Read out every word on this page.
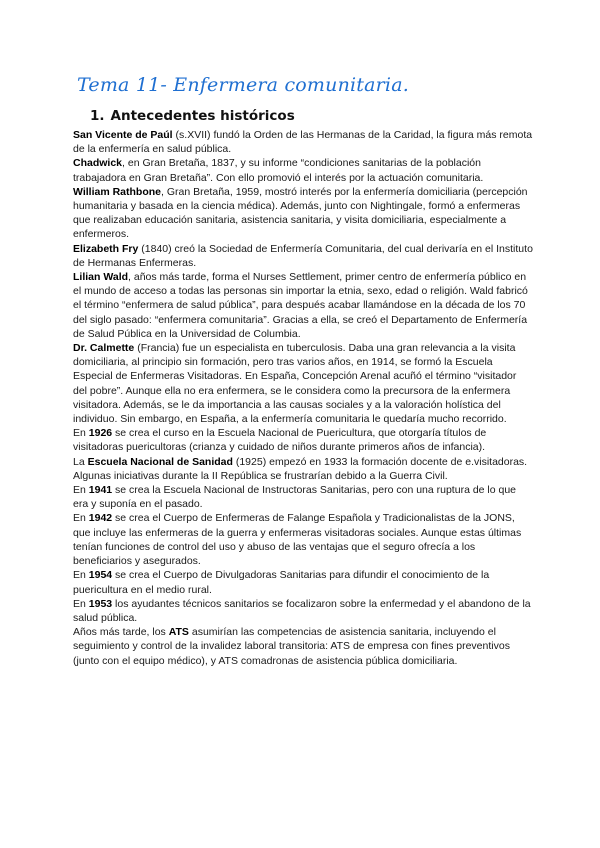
Tema 11- Enfermera comunitaria.
1. Antecedentes históricos

San Vicente de Paúl (s.XVII) fundó la Orden de las Hermanas de la Caridad, la figura más remota de la enfermería en salud pública.

Chadwick, en Gran Bretaña, 1837, y su informe “condiciones sanitarias de la población trabajadora en Gran Bretaña”. Con ello promovió el interés por la actuación comunitaria.

William Rathbone, Gran Bretaña, 1959, mostró interés por la enfermería domiciliaria (percepción humanitaria y basada en la ciencia médica). Además, junto con Nightingale, formó a enfermeras que realizaban educación sanitaria, asistencia sanitaria, y visita domiciliaria, especialmente a enfermeros.

Elizabeth Fry (1840) creó la Sociedad de Enfermería Comunitaria, del cual derivaría en el Instituto de Hermanas Enfermeras.

Lilian Wald, años más tarde, forma el Nurses Settlement, primer centro de enfermería público en el mundo de acceso a todas las personas sin importar la etnia, sexo, edad o religión. Wald fabricó el término “enfermera de salud pública”, para después acabar llamándose en la década de los 70 del siglo pasado: “enfermera comunitaria”. Gracias a ella, se creó el Departamento de Enfermería de Salud Pública en la Universidad de Columbia.

Dr. Calmette (Francia) fue un especialista en tuberculosis. Daba una gran relevancia a la visita domiciliaria, al principio sin formación, pero tras varios años, en 1914, se formó la Escuela Especial de Enfermeras Visitadoras. En España, Concepción Arenal acuñó el término “visitador del pobre”. Aunque ella no era enfermera, se le considera como la precursora de la enfermera visitadora. Además, se le da importancia a las causas sociales y a la valoración holística del individuo. Sin embargo, en España, a la enfermería comunitaria le quedaría mucho recorrido.

En 1926 se crea el curso en la Escuela Nacional de Puericultura, que otorgaría títulos de visitadoras puericultoras (crianza y cuidado de niños durante primeros años de infancia).

La Escuela Nacional de Sanidad (1925) empezó en 1933 la formación docente de e.visitadoras. Algunas iniciativas durante la II República se frustrarían debido a la Guerra Civil.

En 1941 se crea la Escuela Nacional de Instructoras Sanitarias, pero con una ruptura de lo que era y suponía en el pasado.

En 1942 se crea el Cuerpo de Enfermeras de Falange Española y Tradicionalistas de la JONS, que incluye las enfermeras de la guerra y enfermeras visitadoras sociales. Aunque estas últimas tenían funciones de control del uso y abuso de las ventajas que el seguro ofrecía a los beneficiarios y asegurados.

En 1954 se crea el Cuerpo de Divulgadoras Sanitarias para difundir el conocimiento de la puericultura en el medio rural.

En 1953 los ayudantes técnicos sanitarios se focalizaron sobre la enfermedad y el abandono de la salud pública.

Años más tarde, los ATS asumirían las competencias de asistencia sanitaria, incluyendo el seguimiento y control de la invalidez laboral transitoria: ATS de empresa con fines preventivos (junto con el equipo médico), y ATS comadronas de asistencia pública domiciliaria.
